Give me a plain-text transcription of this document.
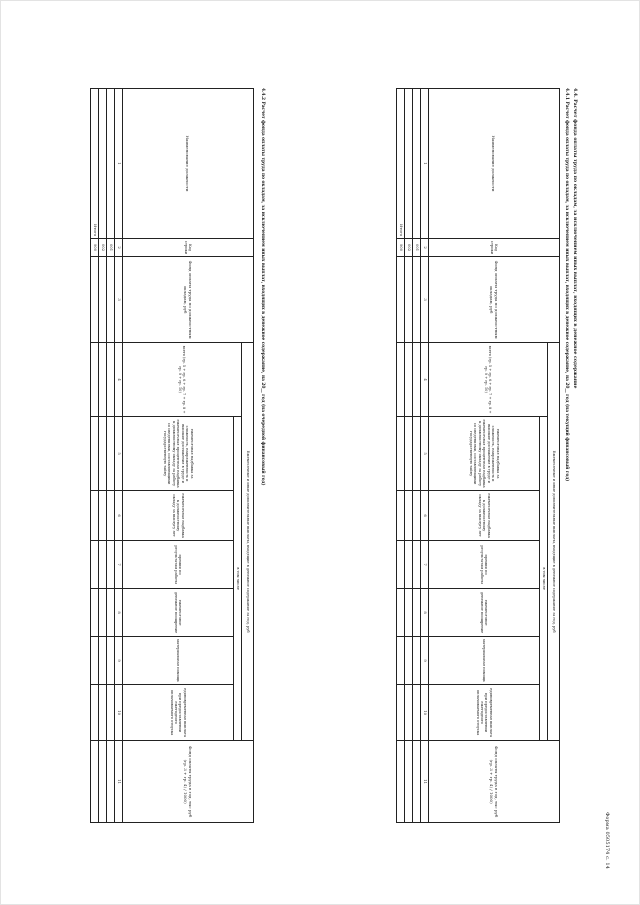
Форма 0505174 с. 14
4.4. Расчет фонда оплаты труда по окладам, за исключением иных выплат, входящих в денежное содержание
4.4.1 Расчет фонда оплаты труда по окладам, за исключением иных выплат, входящих в денежное содержание, на 20__ год (на текущий финансовый год)
Наименование должности	Код строки	Фонд оплаты труда по должностным окладам, руб	Ежемесячные и иные дополнительные выплаты, входящие в денежное содержание за год, руб							Фонд оплаты труда в год, тыс руб (гр. 3 + гр. 4) / 1000)
			всего (гр. 5 + гр. 6 + гр. 7 + гр. 8 + гр. 9 + гр. 10)	в том числе						
				ежемесячная надбавка за сложность, напряженность и высокие достижения в труде и ежемесячная процентная надбавка к должностному окладу за работу со сведениями, составляющими государственную тайну	ежемесячная надбавка к должностному окладу за выслугу лет	премии по результатам работы	ежемесячное денежное поощрение	материальная помощь	единовременная выплата при предоставлении ежегодного оплачиваемого отпуска	
1	2	3	4	5	6	7	8	9	10	11
	001									
	002									
Итого	900									
4.4.2 Расчет фонда оплаты труда по окладам, за исключением иных выплат, входящих в денежное содержание, на 20__ год (на очередной финансовый год)
Наименование должности	Код строки	Фонд оплаты труда по должностным окладам, руб	Ежемесячные и иные дополнительные выплаты, входящие в денежное содержание за год, руб							Фонд оплаты труда в год, тыс руб (гр. 3 + гр. 4) / 1000)
			всего (гр. 5 + гр. 6 + гр. 7 + гр. 8 + гр. 9 + гр. 10)	в том числе						
				ежемесячная надбавка за сложность, напряженность и высокие достижения в труде и ежемесячная процентная надбавка к должностному окладу за работу со сведениями, составляющими государственную тайну	ежемесячная надбавка к должностному окладу за выслугу лет	премии по результатам работы	ежемесячное денежное поощрение	материальная помощь	единовременная выплата при предоставлении ежегодного оплачиваемого отпуска	
1	2	3	4	5	6	7	8	9	10	11
	001									
	002									
Итого	900									
